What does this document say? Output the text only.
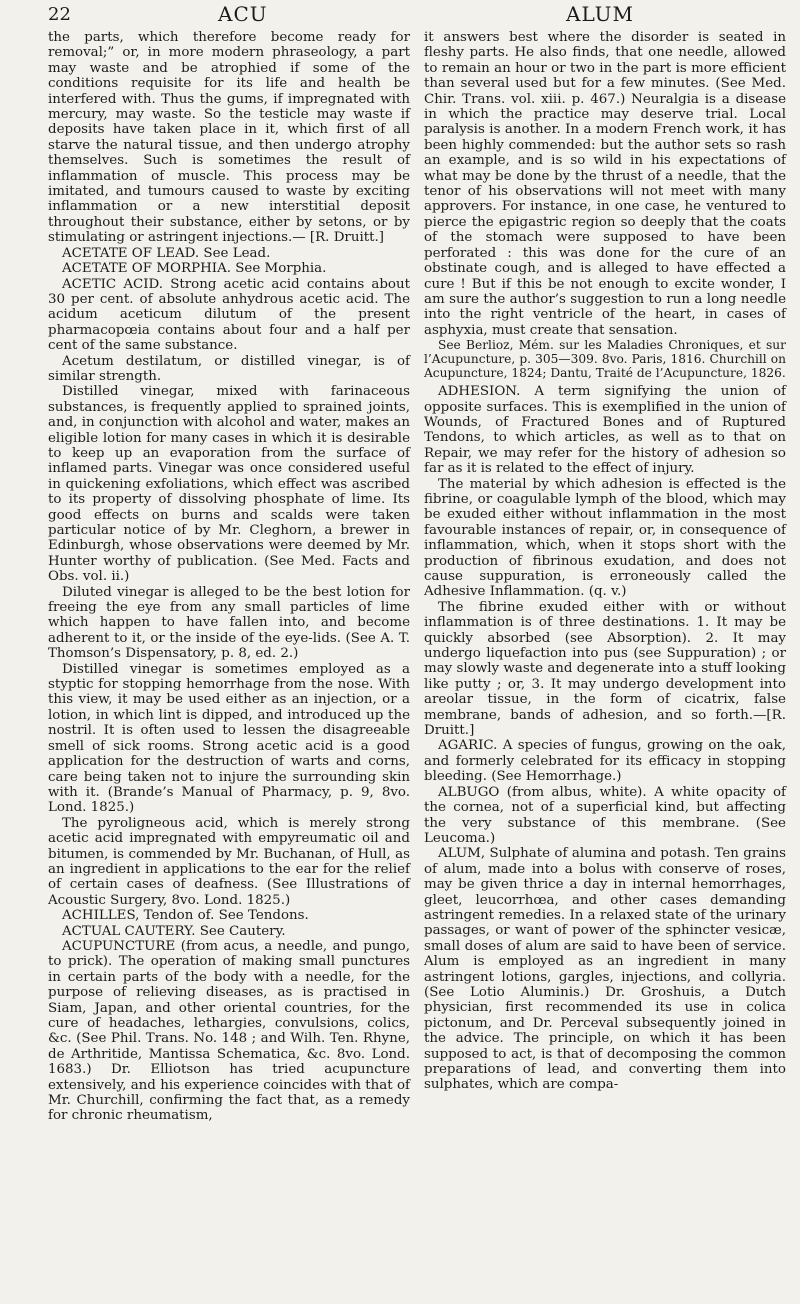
22	ACU	ALUM

the parts, which therefore become ready for removal;” or, in more modern phraseology, a part may waste and be atrophied if some of the conditions requisite for its life and health be interfered with. Thus the gums, if impregnated with mercury, may waste. So the testicle may waste if deposits have taken place in it, which first of all starve the natural tissue, and then undergo atrophy themselves. Such is sometimes the result of inflammation of muscle. This process may be imitated, and tumours caused to waste by exciting inflammation or a new interstitial deposit throughout their substance, either by setons, or by stimulating or astringent injections.— [R. Druitt.]

ACETATE OF LEAD. See Lead.

ACETATE OF MORPHIA. See Morphia.

ACETIC ACID. Strong acetic acid contains about 30 per cent. of absolute anhydrous acetic acid. The acidum aceticum dilutum of the present pharmacopœia contains about four and a half per cent of the same substance.

Acetum destilatum, or distilled vinegar, is of similar strength.

Distilled vinegar, mixed with farinaceous substances, is frequently applied to sprained joints, and, in conjunction with alcohol and water, makes an eligible lotion for many cases in which it is desirable to keep up an evaporation from the surface of inflamed parts. Vinegar was once considered useful in quickening exfoliations, which effect was ascribed to its property of dissolving phosphate of lime. Its good effects on burns and scalds were taken particular notice of by Mr. Cleghorn, a brewer in Edinburgh, whose observations were deemed by Mr. Hunter worthy of publication. (See Med. Facts and Obs. vol. ii.)

Diluted vinegar is alleged to be the best lotion for freeing the eye from any small particles of lime which happen to have fallen into, and become adherent to it, or the inside of the eye-lids. (See A. T. Thomson’s Dispensatory, p. 8, ed. 2.)

Distilled vinegar is sometimes employed as a styptic for stopping hemorrhage from the nose. With this view, it may be used either as an injection, or a lotion, in which lint is dipped, and introduced up the nostril. It is often used to lessen the disagreeable smell of sick rooms. Strong acetic acid is a good application for the destruction of warts and corns, care being taken not to injure the surrounding skin with it. (Brande’s Manual of Pharmacy, p. 9, 8vo. Lond. 1825.)

The pyroligneous acid, which is merely strong acetic acid impregnated with empyreumatic oil and bitumen, is commended by Mr. Buchanan, of Hull, as an ingredient in applications to the ear for the relief of certain cases of deafness. (See Illustrations of Acoustic Surgery, 8vo. Lond. 1825.)

ACHILLES, Tendon of. See Tendons.

ACTUAL CAUTERY. See Cautery.

ACUPUNCTURE (from acus, a needle, and pungo, to prick). The operation of making small punctures in certain parts of the body with a needle, for the purpose of relieving diseases, as is practised in Siam, Japan, and other oriental countries, for the cure of headaches, lethargies, convulsions, colics, &c. (See Phil. Trans. No. 148 ; and Wilh. Ten. Rhyne, de Arthritide, Mantissa Schematica, &c. 8vo. Lond. 1683.) Dr. Elliotson has tried acupuncture extensively, and his experience coincides with that of Mr. Churchill, confirming the fact that, as a remedy for chronic rheumatism,

it answers best where the disorder is seated in fleshy parts. He also finds, that one needle, allowed to remain an hour or two in the part is more efficient than several used but for a few minutes. (See Med. Chir. Trans. vol. xiii. p. 467.) Neuralgia is a disease in which the practice may deserve trial. Local paralysis is another. In a modern French work, it has been highly commended: but the author sets so rash an example, and is so wild in his expectations of what may be done by the thrust of a needle, that the tenor of his observations will not meet with many approvers. For instance, in one case, he ventured to pierce the epigastric region so deeply that the coats of the stomach were supposed to have been perforated : this was done for the cure of an obstinate cough, and is alleged to have effected a cure ! But if this be not enough to excite wonder, I am sure the author’s suggestion to run a long needle into the right ventricle of the heart, in cases of asphyxia, must create that sensation.

See Berlioz, Mém. sur les Maladies Chroniques, et sur l’Acupuncture, p. 305—309. 8vo. Paris, 1816. Churchill on Acupuncture, 1824; Dantu, Traité de l’Acupuncture, 1826.

ADHESION. A term signifying the union of opposite surfaces. This is exemplified in the union of Wounds, of Fractured Bones and of Ruptured Tendons, to which articles, as well as to that on Repair, we may refer for the history of adhesion so far as it is related to the effect of injury.

The material by which adhesion is effected is the fibrine, or coagulable lymph of the blood, which may be exuded either without inflammation in the most favourable instances of repair, or, in consequence of inflammation, which, when it stops short with the production of fibrinous exudation, and does not cause suppuration, is erroneously called the Adhesive Inflammation. (q. v.)

The fibrine exuded either with or without inflammation is of three destinations. 1. It may be quickly absorbed (see Absorption). 2. It may undergo liquefaction into pus (see Suppuration) ; or may slowly waste and degenerate into a stuff looking like putty ; or, 3. It may undergo development into areolar tissue, in the form of cicatrix, false membrane, bands of adhesion, and so forth.—[R. Druitt.]

AGARIC. A species of fungus, growing on the oak, and formerly celebrated for its efficacy in stopping bleeding. (See Hemorrhage.)

ALBUGO (from albus, white). A white opacity of the cornea, not of a superficial kind, but affecting the very substance of this membrane. (See Leucoma.)

ALUM, Sulphate of alumina and potash. Ten grains of alum, made into a bolus with conserve of roses, may be given thrice a day in internal hemorrhages, gleet, leucorrhœa, and other cases demanding astringent remedies. In a relaxed state of the urinary passages, or want of power of the sphincter vesicæ, small doses of alum are said to have been of service. Alum is employed as an ingredient in many astringent lotions, gargles, injections, and collyria. (See Lotio Aluminis.) Dr. Groshuis, a Dutch physician, first recommended its use in colica pictonum, and Dr. Perceval subsequently joined in the advice. The principle, on which it has been supposed to act, is that of decomposing the common preparations of lead, and converting them into sulphates, which are compa-
